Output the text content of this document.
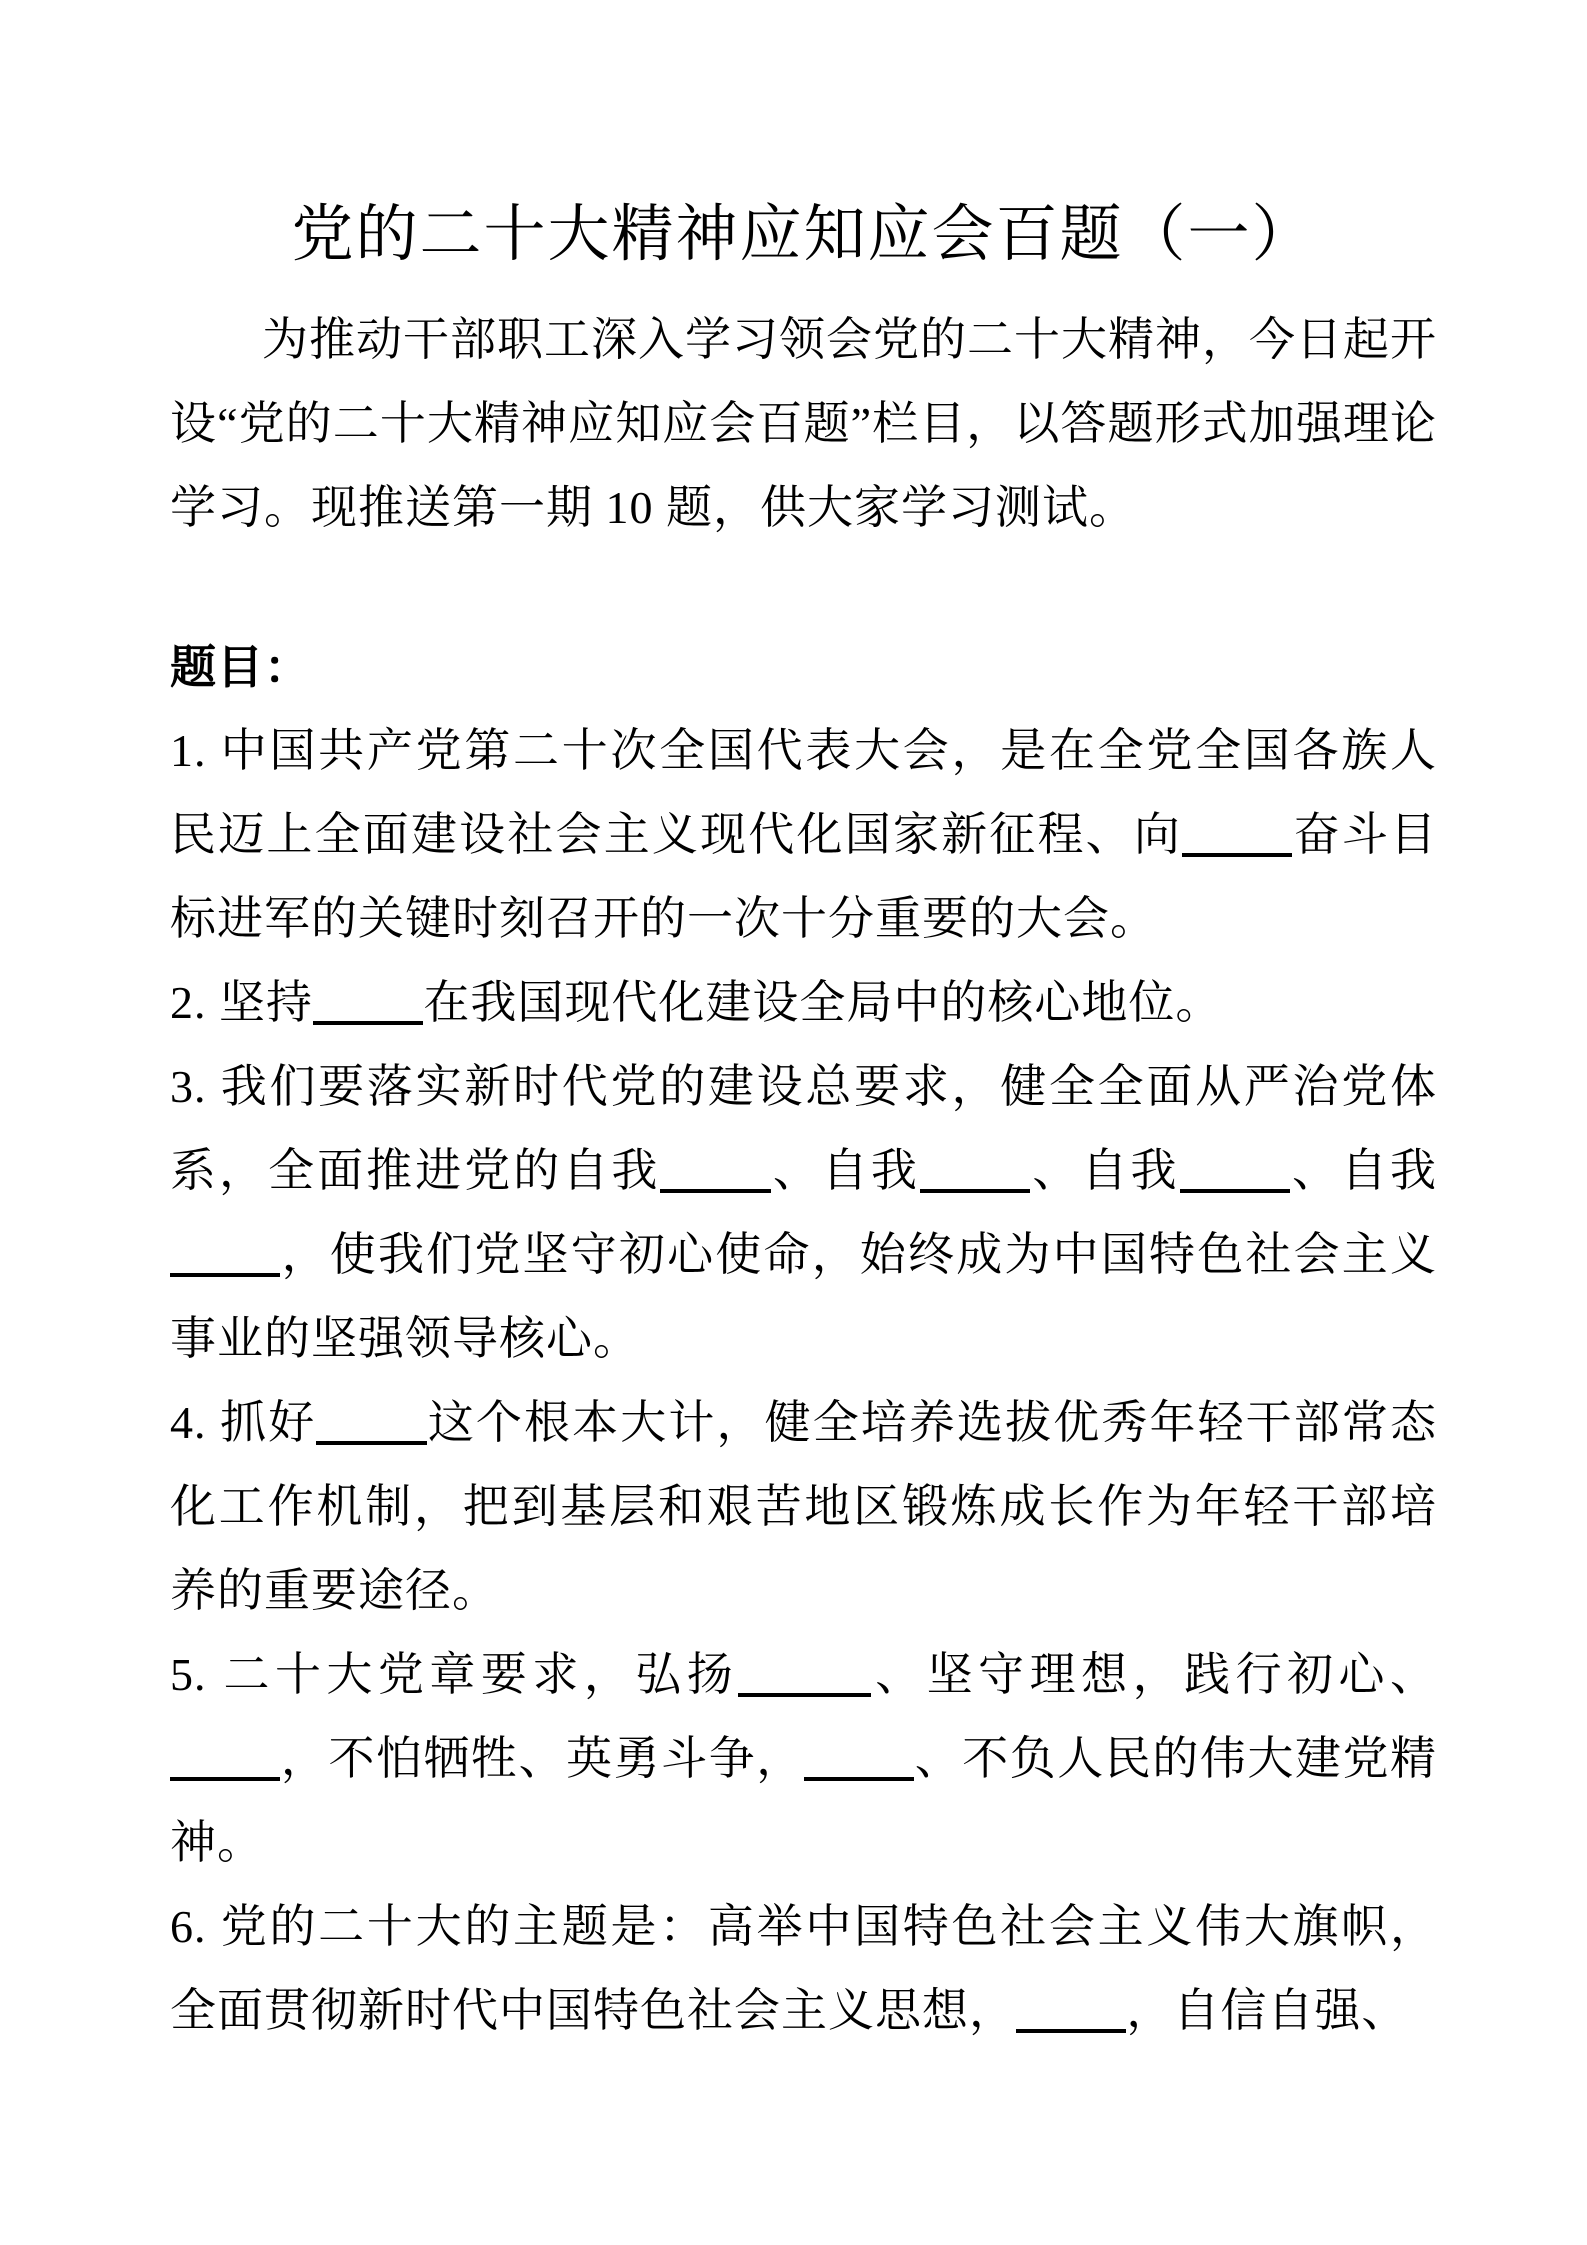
党的二十大精神应知应会百题（一）

为推动干部职工深入学习领会党的二十大精神，今日起开设“党的二十大精神应知应会百题”栏目，以答题形式加强理论学习。现推送第一期 10 题，供大家学习测试。

题目：

1. 中国共产党第二十次全国代表大会，是在全党全国各族人民迈上全面建设社会主义现代化国家新征程、向 奋斗目标进军的关键时刻召开的一次十分重要的大会。

2. 坚持 在我国现代化建设全局中的核心地位。

3. 我们要落实新时代党的建设总要求，健全全面从严治党体系，全面推进党的自我 、自我 、自我 、自我，使我们党坚守初心使命，始终成为中国特色社会主义事业的坚强领导核心。

4. 抓好 这个根本大计，健全培养选拔优秀年轻干部常态化工作机制，把到基层和艰苦地区锻炼成长作为年轻干部培养的重要途径。

5. 二十大党章要求，弘扬	、坚守理想，践行初心、，不怕牺牲、英勇斗争， 、不负人民的伟大建党精神。

6. 党的二十大的主题是：高举中国特色社会主义伟大旗帜，全面贯彻新时代中国特色社会主义思想， ，自信自强、
